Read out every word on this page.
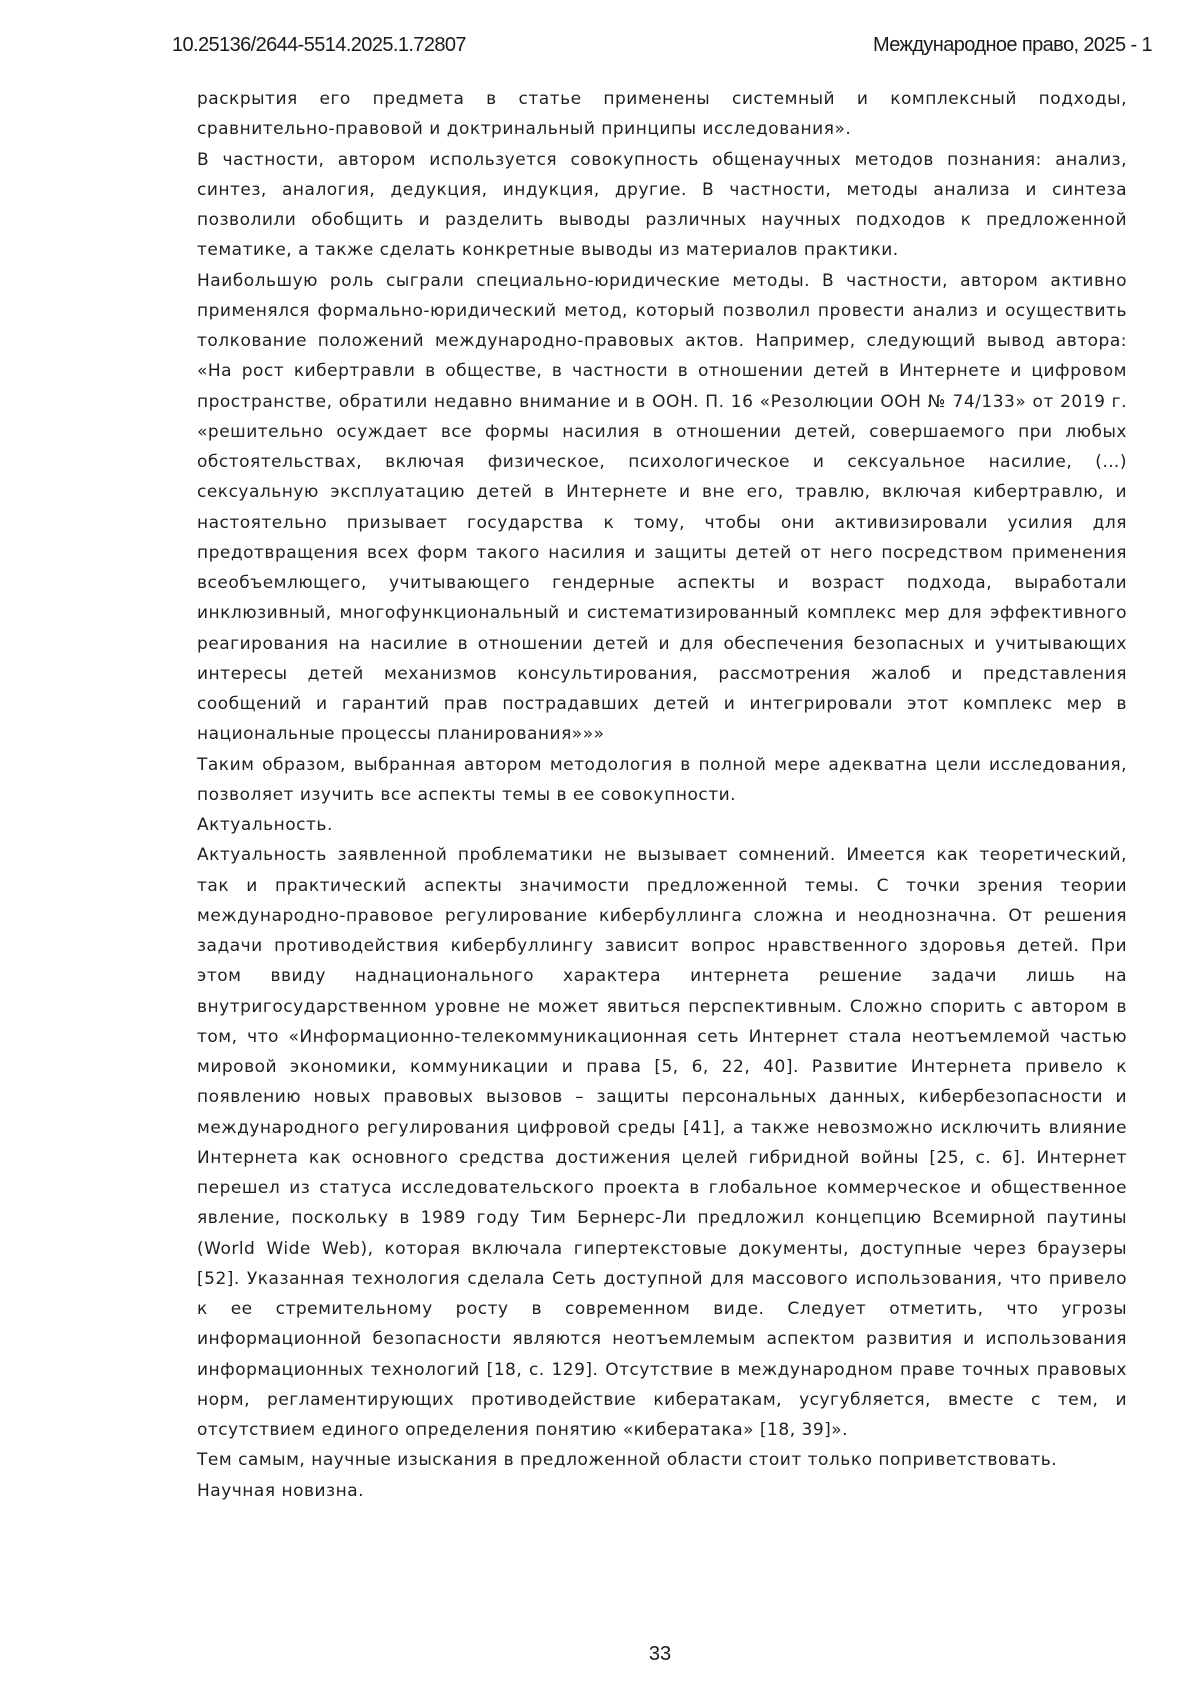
10.25136/2644-5514.2025.1.72807	Международное право, 2025 - 1

раскрытия его предмета в статье применены системный и комплексный подходы, сравнительно-правовой и доктринальный принципы исследования».

В частности, автором используется совокупность общенаучных методов познания: анализ, синтез, аналогия, дедукция, индукция, другие. В частности, методы анализа и синтеза позволили обобщить и разделить выводы различных научных подходов к предложенной тематике, а также сделать конкретные выводы из материалов практики.

Наибольшую роль сыграли специально-юридические методы. В частности, автором активно применялся формально-юридический метод, который позволил провести анализ и осуществить толкование положений международно-правовых актов. Например, следующий вывод автора: «На рост кибертравли в обществе, в частности в отношении детей в Интернете и цифровом пространстве, обратили недавно внимание и в ООН. П. 16 «Резолюции ООН № 74/133» от 2019 г. «решительно осуждает все формы насилия в отношении детей, совершаемого при любых обстоятельствах, включая физическое, психологическое и сексуальное насилие, (…) сексуальную эксплуатацию детей в Интернете и вне его, травлю, включая кибертравлю, и настоятельно призывает государства к тому, чтобы они активизировали усилия для предотвращения всех форм такого насилия и защиты детей от него посредством применения всеобъемлющего, учитывающего гендерные аспекты и возраст подхода, выработали инклюзивный, многофункциональный и систематизированный комплекс мер для эффективного реагирования на насилие в отношении детей и для обеспечения безопасных и учитывающих интересы детей механизмов консультирования, рассмотрения жалоб и представления сообщений и гарантий прав пострадавших детей и интегрировали этот комплекс мер в национальные процессы планирования»»»

Таким образом, выбранная автором методология в полной мере адекватна цели исследования, позволяет изучить все аспекты темы в ее совокупности.

Актуальность.

Актуальность заявленной проблематики не вызывает сомнений. Имеется как теоретический, так и практический аспекты значимости предложенной темы. С точки зрения теории международно-правовое регулирование кибербуллинга сложна и неоднозначна. От решения задачи противодействия кибербуллингу зависит вопрос нравственного здоровья детей. При этом ввиду наднационального характера интернета решение задачи лишь на внутригосударственном уровне не может явиться перспективным. Сложно спорить с автором в том, что «Информационно-телекоммуникационная сеть Интернет стала неотъемлемой частью мировой экономики, коммуникации и права [5, 6, 22, 40]. Развитие Интернета привело к появлению новых правовых вызовов – защиты персональных данных, кибербезопасности и международного регулирования цифровой среды [41], а также невозможно исключить влияние Интернета как основного средства достижения целей гибридной войны [25, с. 6]. Интернет перешел из статуса исследовательского проекта в глобальное коммерческое и общественное явление, поскольку в 1989 году Тим Бернерс-Ли предложил концепцию Всемирной паутины (World Wide Web), которая включала гипертекстовые документы, доступные через браузеры [52]. Указанная технология сделала Сеть доступной для массового использования, что привело к ее стремительному росту в современном виде. Следует отметить, что угрозы информационной безопасности являются неотъемлемым аспектом развития и использования информационных технологий [18, с. 129]. Отсутствие в международном праве точных правовых норм, регламентирующих противодействие кибератакам, усугубляется, вместе с тем, и отсутствием единого определения понятию «кибератака» [18, 39]».

Тем самым, научные изыскания в предложенной области стоит только поприветствовать.

Научная новизна.

33
